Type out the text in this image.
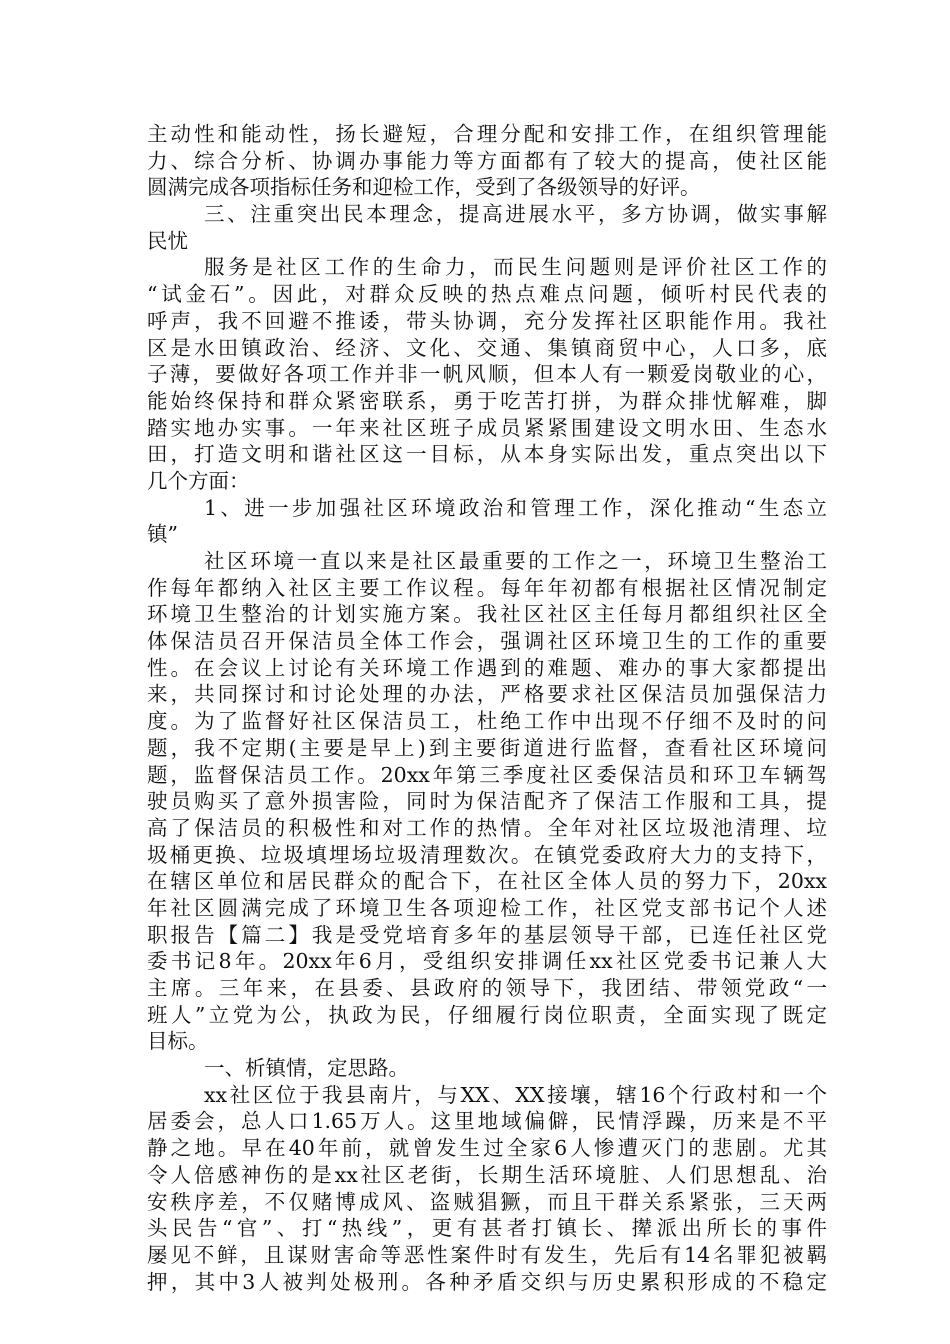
主动性和能动性，扬长避短，合理分配和安排工作，在组织管理能
力、综合分析、协调办事能力等方面都有了较大的提高，使社区能
圆满完成各项指标任务和迎检工作，受到了各级领导的好评。
三、注重突出民本理念，提高进展水平，多方协调，做实事解
民忧
服务是社区工作的生命力，而民生问题则是评价社区工作的
“试金石”。因此，对群众反映的热点难点问题，倾听村民代表的
呼声，我不回避不推诿，带头协调，充分发挥社区职能作用。我社
区是水田镇政治、经济、文化、交通、集镇商贸中心，人口多，底
子薄，要做好各项工作并非一帆风顺，但本人有一颗爱岗敬业的心，
能始终保持和群众紧密联系，勇于吃苦打拼，为群众排忧解难，脚
踏实地办实事。一年来社区班子成员紧紧围建设文明水田、生态水
田，打造文明和谐社区这一目标，从本身实际出发，重点突出以下
几个方面：
1、进一步加强社区环境政治和管理工作，深化推动“生态立
镇”
社区环境一直以来是社区最重要的工作之一，环境卫生整治工
作每年都纳入社区主要工作议程。每年年初都有根据社区情况制定
环境卫生整治的计划实施方案。我社区社区主任每月都组织社区全
体保洁员召开保洁员全体工作会，强调社区环境卫生的工作的重要
性。在会议上讨论有关环境工作遇到的难题、难办的事大家都提出
来，共同探讨和讨论处理的办法，严格要求社区保洁员加强保洁力
度。为了监督好社区保洁员工，杜绝工作中出现不仔细不及时的问
题，我不定期(主要是早上)到主要街道进行监督，查看社区环境问
题，监督保洁员工作。20xx年第三季度社区委保洁员和环卫车辆驾
驶员购买了意外损害险，同时为保洁配齐了保洁工作服和工具，提
高了保洁员的积极性和对工作的热情。全年对社区垃圾池清理、垃
圾桶更换、垃圾填埋场垃圾清理数次。在镇党委政府大力的支持下，
在辖区单位和居民群众的配合下，在社区全体人员的努力下，20xx
年社区圆满完成了环境卫生各项迎检工作，社区党支部书记个人述
职报告【篇二】我是受党培育多年的基层领导干部，已连任社区党
委书记8年。20xx年6月，受组织安排调任xx社区党委书记兼人大
主席。三年来，在县委、县政府的领导下，我团结、带领党政“一
班人”立党为公，执政为民，仔细履行岗位职责，全面实现了既定
目标。
一、析镇情，定思路。
xx社区位于我县南片，与XX、XX接壤，辖16个行政村和一个
居委会，总人口1.65万人。这里地域偏僻，民情浮躁，历来是不平
静之地。早在40年前，就曾发生过全家6人惨遭灭门的悲剧。尤其
令人倍感神伤的是xx社区老街，长期生活环境脏、人们思想乱、治
安秩序差，不仅赌博成风、盗贼猖獗，而且干群关系紧张，三天两
头民告“官”、打“热线”，更有甚者打镇长、撵派出所长的事件
屡见不鲜，且谋财害命等恶性案件时有发生，先后有14名罪犯被羁
押，其中3人被判处极刑。各种矛盾交织与历史累积形成的不稳定
